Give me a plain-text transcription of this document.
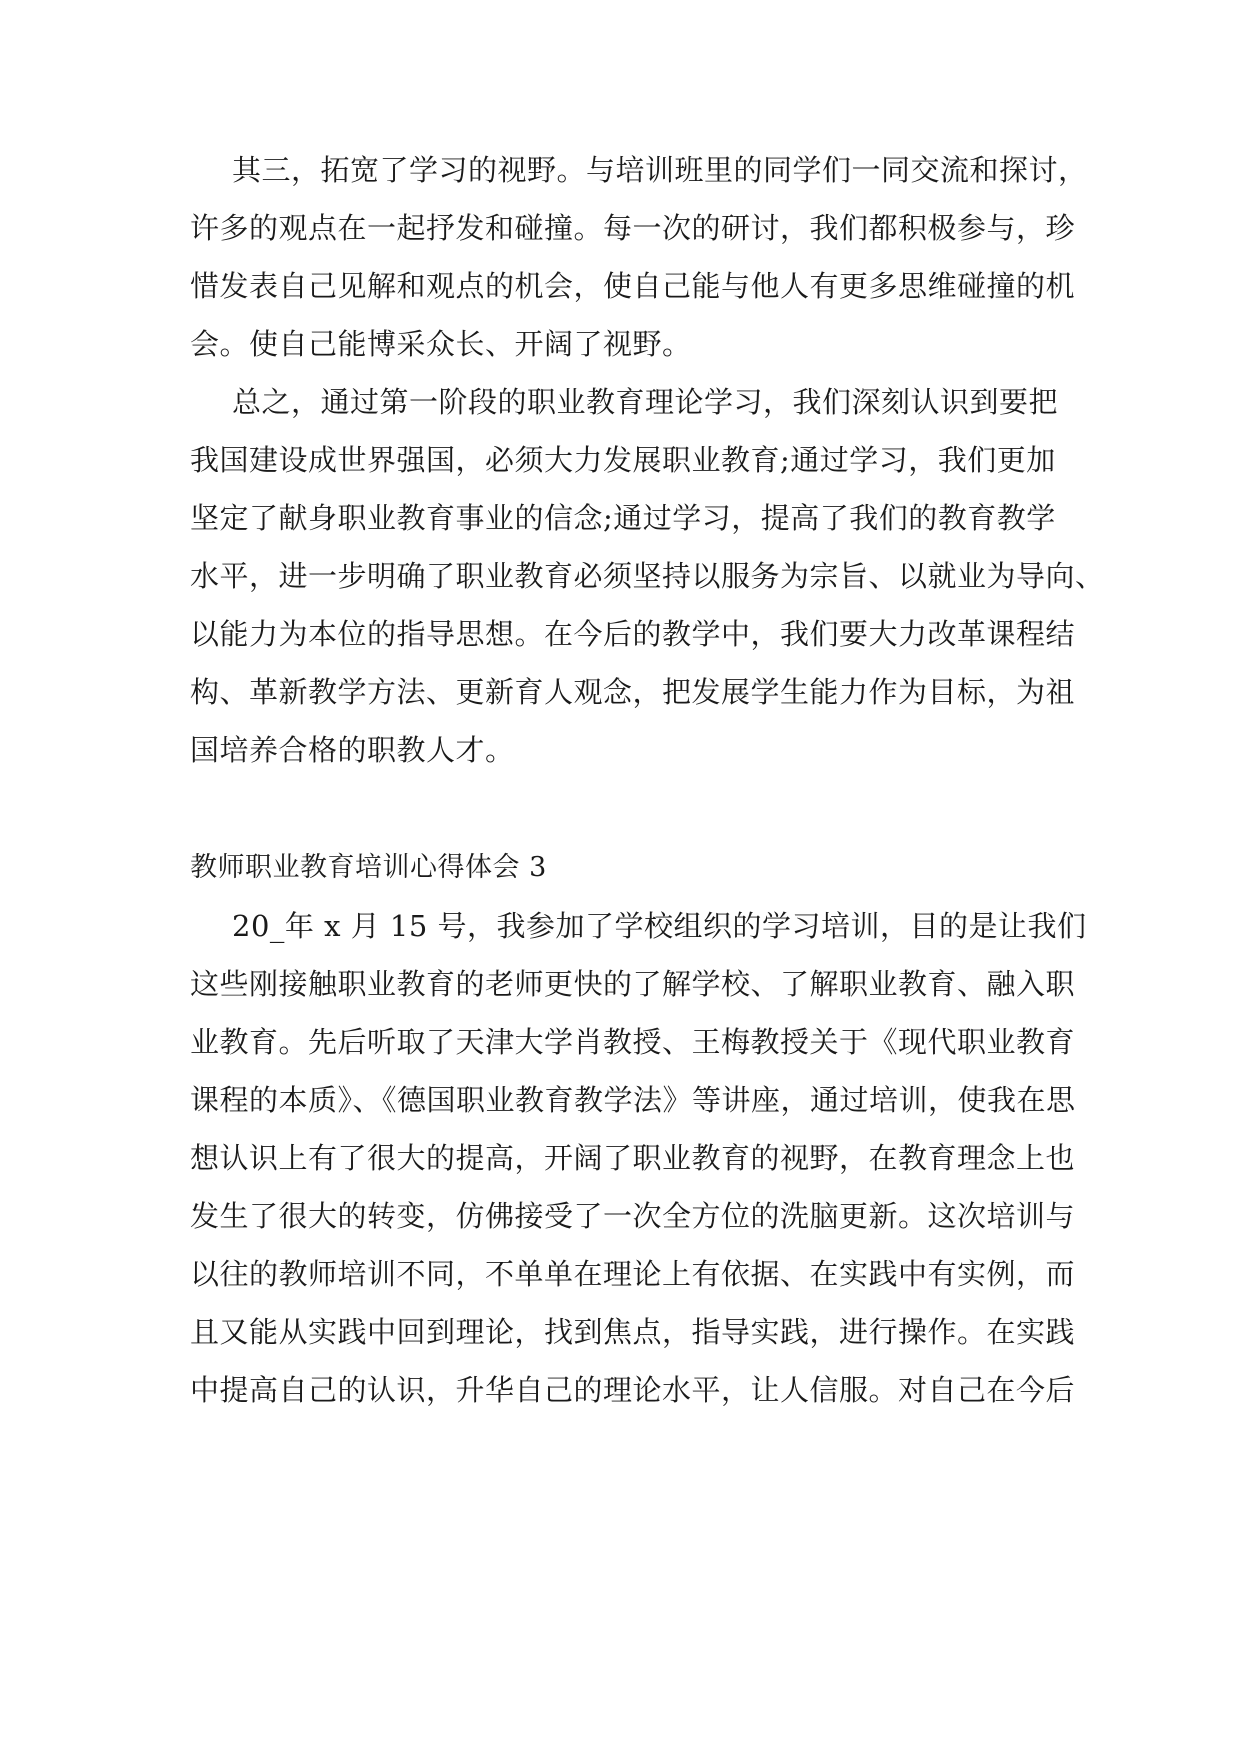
其三，拓宽了学习的视野。与培训班里的同学们一同交流和探讨，
许多的观点在一起抒发和碰撞。每一次的研讨，我们都积极参与，珍
惜发表自己见解和观点的机会，使自己能与他人有更多思维碰撞的机
会。使自己能博采众长、开阔了视野。
总之，通过第一阶段的职业教育理论学习，我们深刻认识到要把
我国建设成世界强国，必须大力发展职业教育;通过学习，我们更加
坚定了献身职业教育事业的信念;通过学习，提高了我们的教育教学
水平，进一步明确了职业教育必须坚持以服务为宗旨、以就业为导向、
以能力为本位的指导思想。在今后的教学中，我们要大力改革课程结
构、革新教学方法、更新育人观念，把发展学生能力作为目标，为祖
国培养合格的职教人才。
教师职业教育培训心得体会 3
20_年 x 月 15 号，我参加了学校组织的学习培训，目的是让我们
这些刚接触职业教育的老师更快的了解学校、了解职业教育、融入职
业教育。先后听取了天津大学肖教授、王梅教授关于《现代职业教育
课程的本质》、《德国职业教育教学法》等讲座，通过培训，使我在思
想认识上有了很大的提高，开阔了职业教育的视野，在教育理念上也
发生了很大的转变，仿佛接受了一次全方位的洗脑更新。这次培训与
以往的教师培训不同，不单单在理论上有依据、在实践中有实例，而
且又能从实践中回到理论，找到焦点，指导实践，进行操作。在实践
中提高自己的认识，升华自己的理论水平，让人信服。对自己在今后
